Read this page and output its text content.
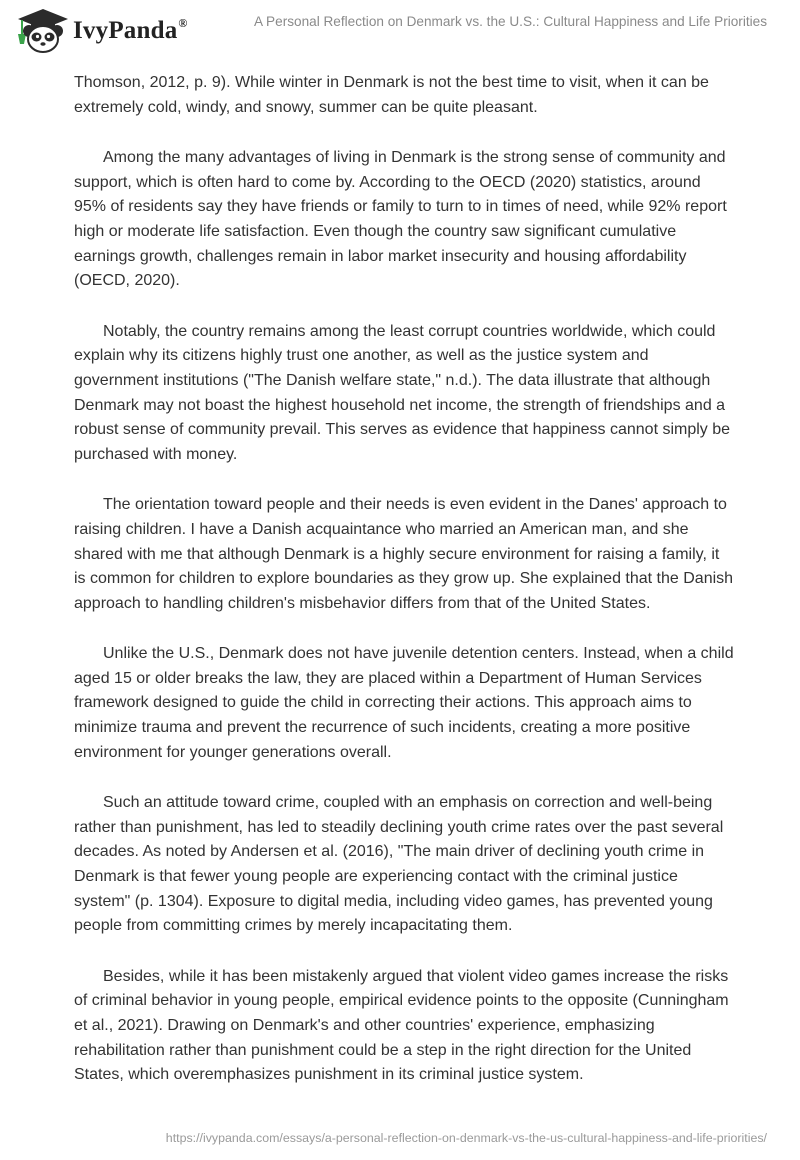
IvyPanda®	A Personal Reflection on Denmark vs. the U.S.: Cultural Happiness and Life Priorities

Thomson, 2012, p. 9). While winter in Denmark is not the best time to visit, when it can be extremely cold, windy, and snowy, summer can be quite pleasant.

Among the many advantages of living in Denmark is the strong sense of community and support, which is often hard to come by. According to the OECD (2020) statistics, around 95% of residents say they have friends or family to turn to in times of need, while 92% report high or moderate life satisfaction. Even though the country saw significant cumulative earnings growth, challenges remain in labor market insecurity and housing affordability (OECD, 2020).

Notably, the country remains among the least corrupt countries worldwide, which could explain why its citizens highly trust one another, as well as the justice system and government institutions ("The Danish welfare state," n.d.). The data illustrate that although Denmark may not boast the highest household net income, the strength of friendships and a robust sense of community prevail. This serves as evidence that happiness cannot simply be purchased with money.

The orientation toward people and their needs is even evident in the Danes' approach to raising children. I have a Danish acquaintance who married an American man, and she shared with me that although Denmark is a highly secure environment for raising a family, it is common for children to explore boundaries as they grow up. She explained that the Danish approach to handling children's misbehavior differs from that of the United States.

Unlike the U.S., Denmark does not have juvenile detention centers. Instead, when a child aged 15 or older breaks the law, they are placed within a Department of Human Services framework designed to guide the child in correcting their actions. This approach aims to minimize trauma and prevent the recurrence of such incidents, creating a more positive environment for younger generations overall.

Such an attitude toward crime, coupled with an emphasis on correction and well-being rather than punishment, has led to steadily declining youth crime rates over the past several decades. As noted by Andersen et al. (2016), "The main driver of declining youth crime in Denmark is that fewer young people are experiencing contact with the criminal justice system" (p. 1304). Exposure to digital media, including video games, has prevented young people from committing crimes by merely incapacitating them.

Besides, while it has been mistakenly argued that violent video games increase the risks of criminal behavior in young people, empirical evidence points to the opposite (Cunningham et al., 2021). Drawing on Denmark's and other countries' experience, emphasizing rehabilitation rather than punishment could be a step in the right direction for the United States, which overemphasizes punishment in its criminal justice system.

https://ivypanda.com/essays/a-personal-reflection-on-denmark-vs-the-us-cultural-happiness-and-life-priorities/
